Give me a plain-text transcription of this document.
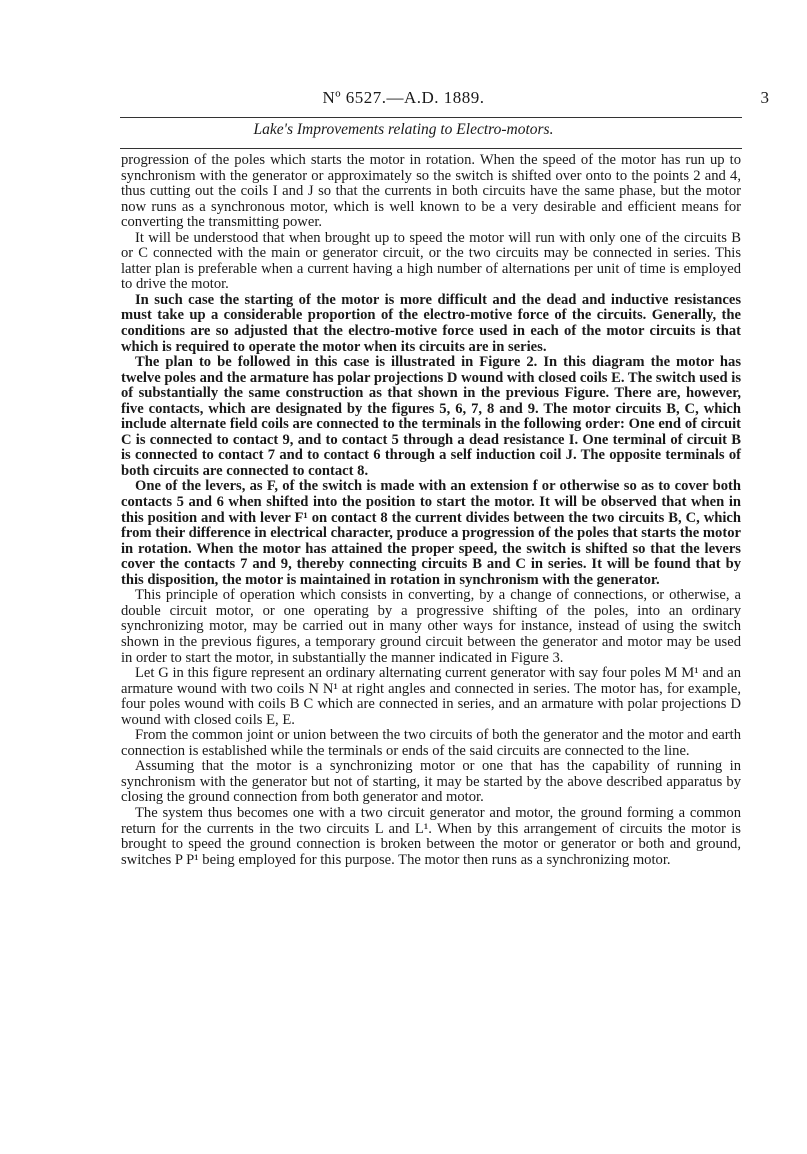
Nº 6527.—A.D. 1889.	3
Lake's Improvements relating to Electro-motors.

progression of the poles which starts the motor in rotation. When the speed of the motor has run up to synchronism with the generator or approximately so the switch is shifted over onto to the points 2 and 4, thus cutting out the coils I and J so that the currents in both circuits have the same phase, but the motor now runs as a synchronous motor, which is well known to be a very desirable and efficient means for converting the transmitting power.

It will be understood that when brought up to speed the motor will run with only one of the circuits B or C connected with the main or generator circuit, or the two circuits may be connected in series. This latter plan is preferable when a current having a high number of alternations per unit of time is employed to drive the motor.

In such case the starting of the motor is more difficult and the dead and inductive resistances must take up a considerable proportion of the electro-motive force of the circuits. Generally, the conditions are so adjusted that the electro-motive force used in each of the motor circuits is that which is required to operate the motor when its circuits are in series.

The plan to be followed in this case is illustrated in Figure 2. In this diagram the motor has twelve poles and the armature has polar projections D wound with closed coils E. The switch used is of substantially the same construction as that shown in the previous Figure. There are, however, five contacts, which are designated by the figures 5, 6, 7, 8 and 9. The motor circuits B, C, which include alternate field coils are connected to the terminals in the following order: One end of circuit C is connected to contact 9, and to contact 5 through a dead resistance I. One terminal of circuit B is connected to contact 7 and to contact 6 through a self induction coil J. The opposite terminals of both circuits are connected to contact 8.

One of the levers, as F, of the switch is made with an extension f or otherwise so as to cover both contacts 5 and 6 when shifted into the position to start the motor. It will be observed that when in this position and with lever F¹ on contact 8 the current divides between the two circuits B, C, which from their difference in electrical character, produce a progression of the poles that starts the motor in rotation. When the motor has attained the proper speed, the switch is shifted so that the levers cover the contacts 7 and 9, thereby connecting circuits B and C in series. It will be found that by this disposition, the motor is maintained in rotation in synchronism with the generator.

This principle of operation which consists in converting, by a change of connections, or otherwise, a double circuit motor, or one operating by a progressive shifting of the poles, into an ordinary synchronizing motor, may be carried out in many other ways for instance, instead of using the switch shown in the previous figures, a temporary ground circuit between the generator and motor may be used in order to start the motor, in substantially the manner indicated in Figure 3.

Let G in this figure represent an ordinary alternating current generator with say four poles M M¹ and an armature wound with two coils N N¹ at right angles and connected in series. The motor has, for example, four poles wound with coils B C which are connected in series, and an armature with polar projections D wound with closed coils E, E.

From the common joint or union between the two circuits of both the generator and the motor and earth connection is established while the terminals or ends of the said circuits are connected to the line.

Assuming that the motor is a synchronizing motor or one that has the capability of running in synchronism with the generator but not of starting, it may be started by the above described apparatus by closing the ground connection from both generator and motor.

The system thus becomes one with a two circuit generator and motor, the ground forming a common return for the currents in the two circuits L and L¹. When by this arrangement of circuits the motor is brought to speed the ground connection is broken between the motor or generator or both and ground, switches P P¹ being employed for this purpose. The motor then runs as a synchronizing motor.
